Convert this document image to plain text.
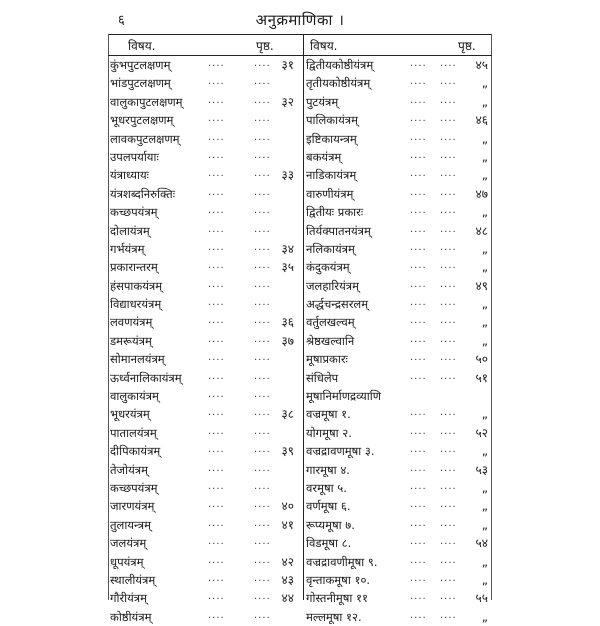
६	अनुक्रमाणिका ।
विषय.	पृष्ठ.	विषय.	पृष्ठ.
कुंभपुटलक्षणम्	....	.... ३१
भांडपुटलक्षणम्	....	....
वालुकापुटलक्षणम्	....	.... ३२
भूधरपुटलक्षणम्	....	....
लावकपुटलक्षणम्	....	....
उपलपर्यायाः	....	....
यंत्राध्यायः	....	.... ३३
यंत्रशब्दनिरुक्तिः	....	....
कच्छपयंत्रम्	....	....
दोलायंत्रम्	....	....
गर्भयंत्रम्	....	.... ३४
प्रकारान्तरम्	....	.... ३५
हंसपाकयंत्रम्	....	....
विद्याधरयंत्रम्	....	....
लवणयंत्रम्	....	.... ३६
डमरूयंत्रम्	....	.... ३७
सोमानलयंत्रम्	....	....
ऊर्ध्वनालिकायंत्रम्	....	....
वालुकायंत्रम्	....	....
भूधरयंत्रम्	....	.... ३८
पातालयंत्रम्	....	....
दीपिकायंत्रम्	....	.... ३९
तेजोयंत्रम्	....	....
कच्छपयंत्रम्	....	....
जारणयंत्रम्	....	.... ४०
तुलायन्त्रम्	....	.... ४१
जलयंत्रम्	....	....
धूपयंत्रम्	....	.... ४२
स्थालीयंत्रम्	....	.... ४३
गौरीयंत्रम्	....	.... ४४
कोष्ठीयंत्रम्	....	....
द्वितीयकोष्ठीयंत्रम्	.... .... ४५
तृतीयकोष्ठीयंत्रम्	.... .... „
पुटयंत्रम्	.... .... „
पालिकायंत्रम्	.... .... ४६
इष्टिकायन्त्रम्	.... .... „
बकयंत्रम्	.... .... „
नाडिकायंत्रम्	.... .... „
वारुणीयंत्रम्	.... .... ४७
द्वितीयः प्रकारः	.... .... „
तिर्यक्पातनयंत्रम्	.... .... ४८
नलिकायंत्रम्	.... .... „
कंदुकयंत्रम्	.... .... „
जलहारियंत्रम्	.... .... ४९
अर्द्धचन्द्रसरलम्	.... .... „
वर्तुलखल्वम्	.... .... „
श्रेष्ठखल्वानि	.... .... „
मूषाप्रकारः	.... .... ५०
संधिलेप	.... .... ५१
मूषानिर्माणद्रव्याणि
वज्रमूषा १.	.... .... „
योगमूषा २.	.... .... ५२
वज्रद्रावणमूषा ३.	.... .... „
गारमूषा ४.	.... .... ५३
वरमूषा ५.	.... .... „
वर्णमूषा ६.	.... .... „
रूप्यमूषा ७.	.... .... „
विडमूषा ८.	.... .... ५४
वज्रद्रावणीमूषा ९.	.... .... „
वृन्ताकमूषा १०.	.... .... „
गोस्तनीमूषा ११	.... .... ५५
मल्लमूषा १२.	.... .... „
